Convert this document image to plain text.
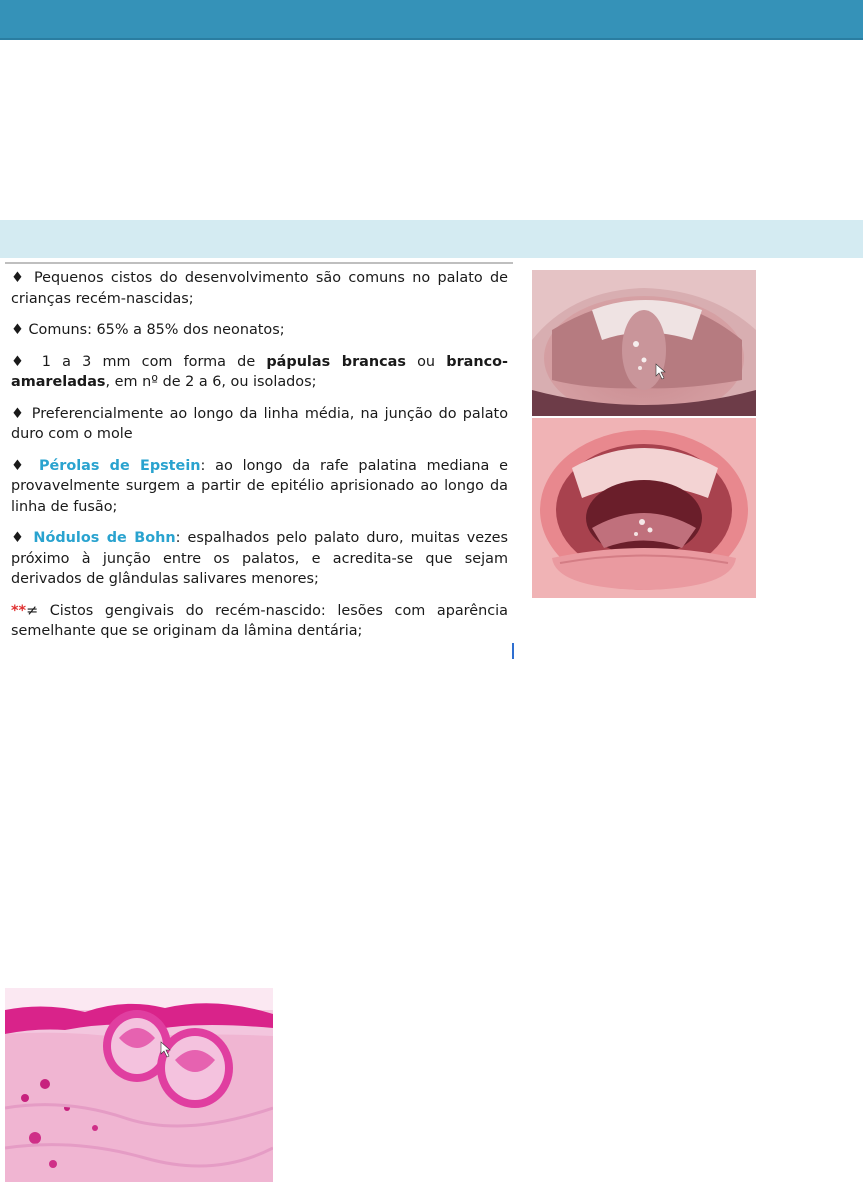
♦ Pequenos cistos do desenvolvimento são comuns no palato de crianças recém-nascidas;

♦ Comuns: 65% a 85% dos neonatos;

♦ 1 a 3 mm com forma de pápulas brancas ou branco-amareladas, em nº de 2 a 6, ou isolados;

♦ Preferencialmente ao longo da linha média, na junção do palato duro com o mole

♦ Pérolas de Epstein: ao longo da rafe palatina mediana e provavelmente surgem a partir de epitélio aprisionado ao longo da linha de fusão;

♦ Nódulos de Bohn: espalhados pelo palato duro, muitas vezes próximo à junção entre os palatos, e acredita-se que sejam derivados de glândulas salivares menores;

**≠ Cistos gengivais do recém-nascido: lesões com aparência semelhante que se originam da lâmina dentária;
